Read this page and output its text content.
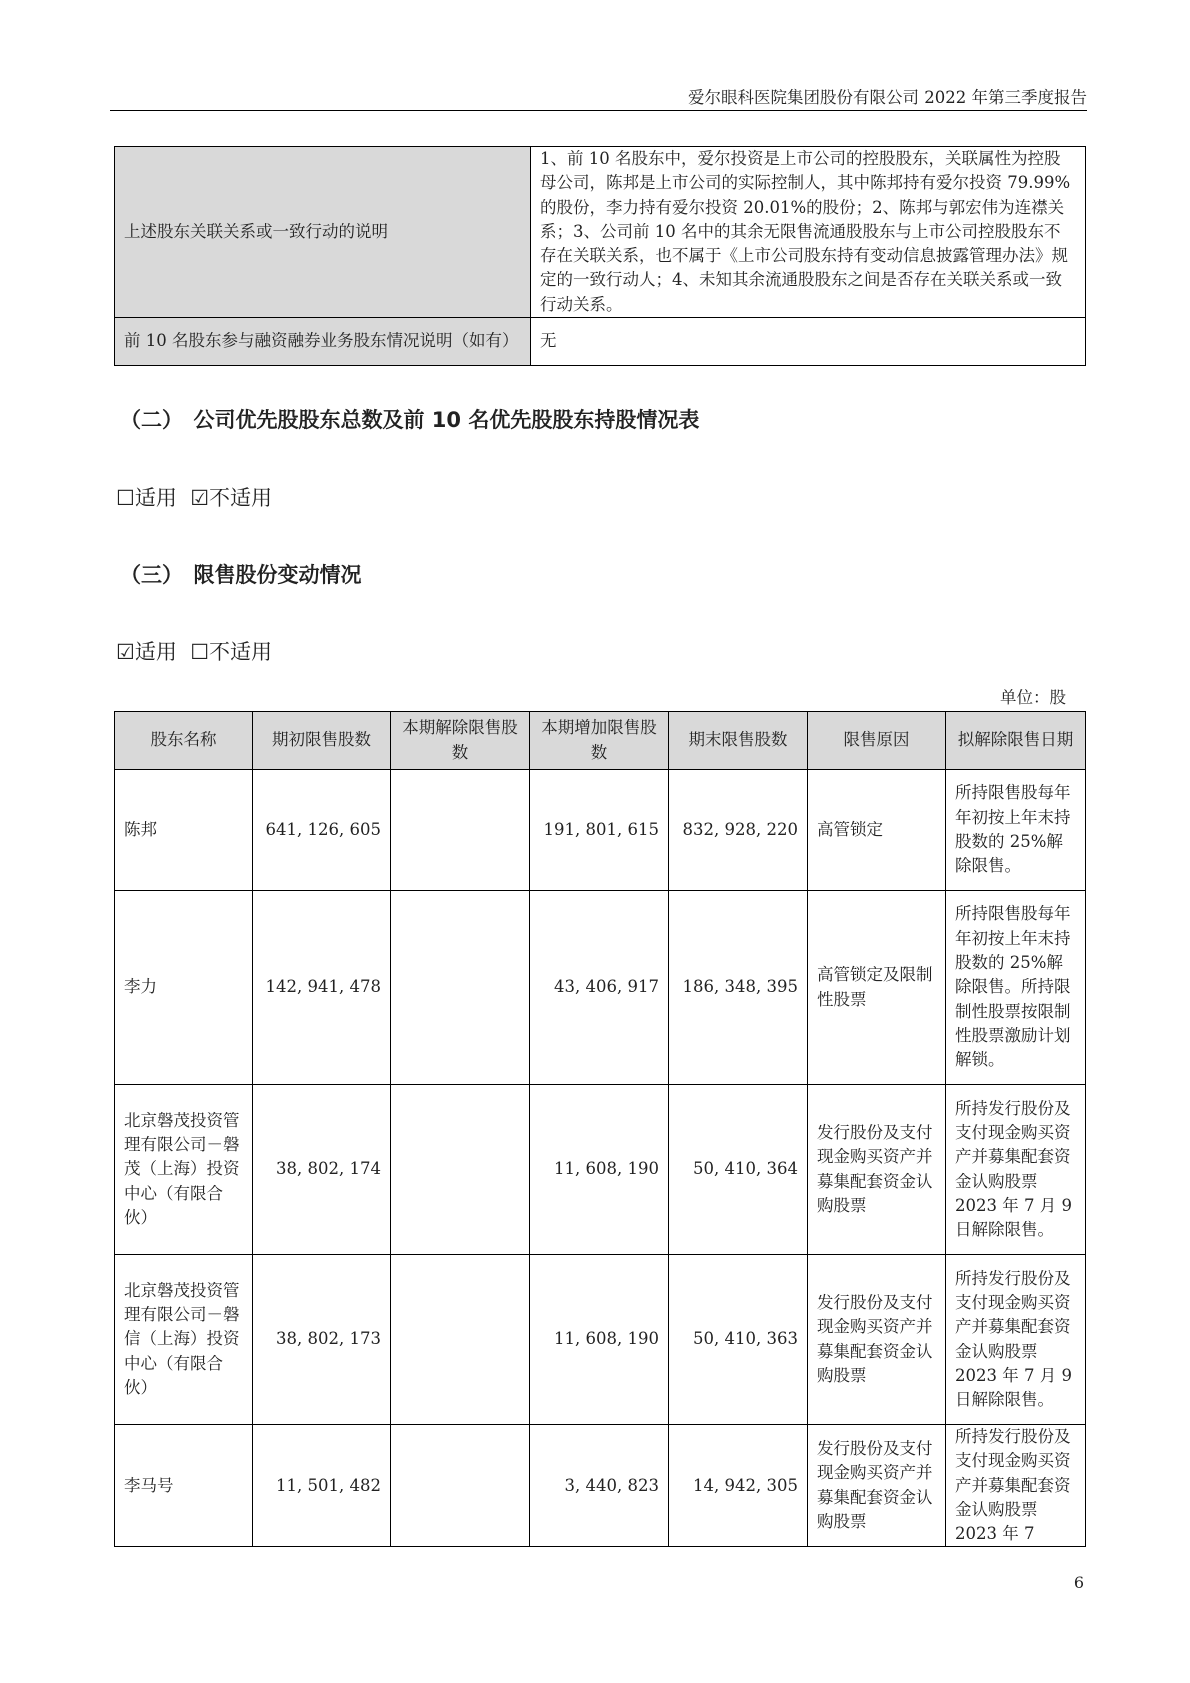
爱尔眼科医院集团股份有限公司 2022 年第三季度报告
上述股东关联关系或一致行动的说明	1、前 10 名股东中，爱尔投资是上市公司的控股股东，关联属性为控股母公司，陈邦是上市公司的实际控制人，其中陈邦持有爱尔投资 79.99%的股份，李力持有爱尔投资 20.01%的股份；2、陈邦与郭宏伟为连襟关系；3、公司前 10 名中的其余无限售流通股股东与上市公司控股股东不存在关联关系，也不属于《上市公司股东持有变动信息披露管理办法》规定的一致行动人；4、未知其余流通股股东之间是否存在关联关系或一致行动关系。
前 10 名股东参与融资融券业务股东情况说明（如有）	无
（二）　公司优先股股东总数及前 10 名优先股股东持股情况表
☐适用 ☑不适用
（三）　限售股份变动情况
☑适用 ☐不适用
单位：股
股东名称	期初限售股数	本期解除限售股数	本期增加限售股数	期末限售股数	限售原因	拟解除限售日期
陈邦	641, 126, 605		191, 801, 615	832, 928, 220	高管锁定	所持限售股每年年初按上年末持股数的 25%解除限售。
李力	142, 941, 478		43, 406, 917	186, 348, 395	高管锁定及限制性股票	所持限售股每年年初按上年末持股数的 25%解除限售。所持限制性股票按限制性股票激励计划解锁。
北京磐茂投资管理有限公司－磐茂（上海）投资中心（有限合伙）	38, 802, 174		11, 608, 190	50, 410, 364	发行股份及支付现金购买资产并募集配套资金认购股票	所持发行股份及支付现金购买资产并募集配套资金认购股票 2023 年 7 月 9 日解除限售。
北京磐茂投资管理有限公司－磐信（上海）投资中心（有限合伙）	38, 802, 173		11, 608, 190	50, 410, 363	发行股份及支付现金购买资产并募集配套资金认购股票	所持发行股份及支付现金购买资产并募集配套资金认购股票 2023 年 7 月 9 日解除限售。
李马号	11, 501, 482		3, 440, 823	14, 942, 305	发行股份及支付现金购买资产并募集配套资金认购股票	所持发行股份及支付现金购买资产并募集配套资金认购股票 2023 年 7
6
